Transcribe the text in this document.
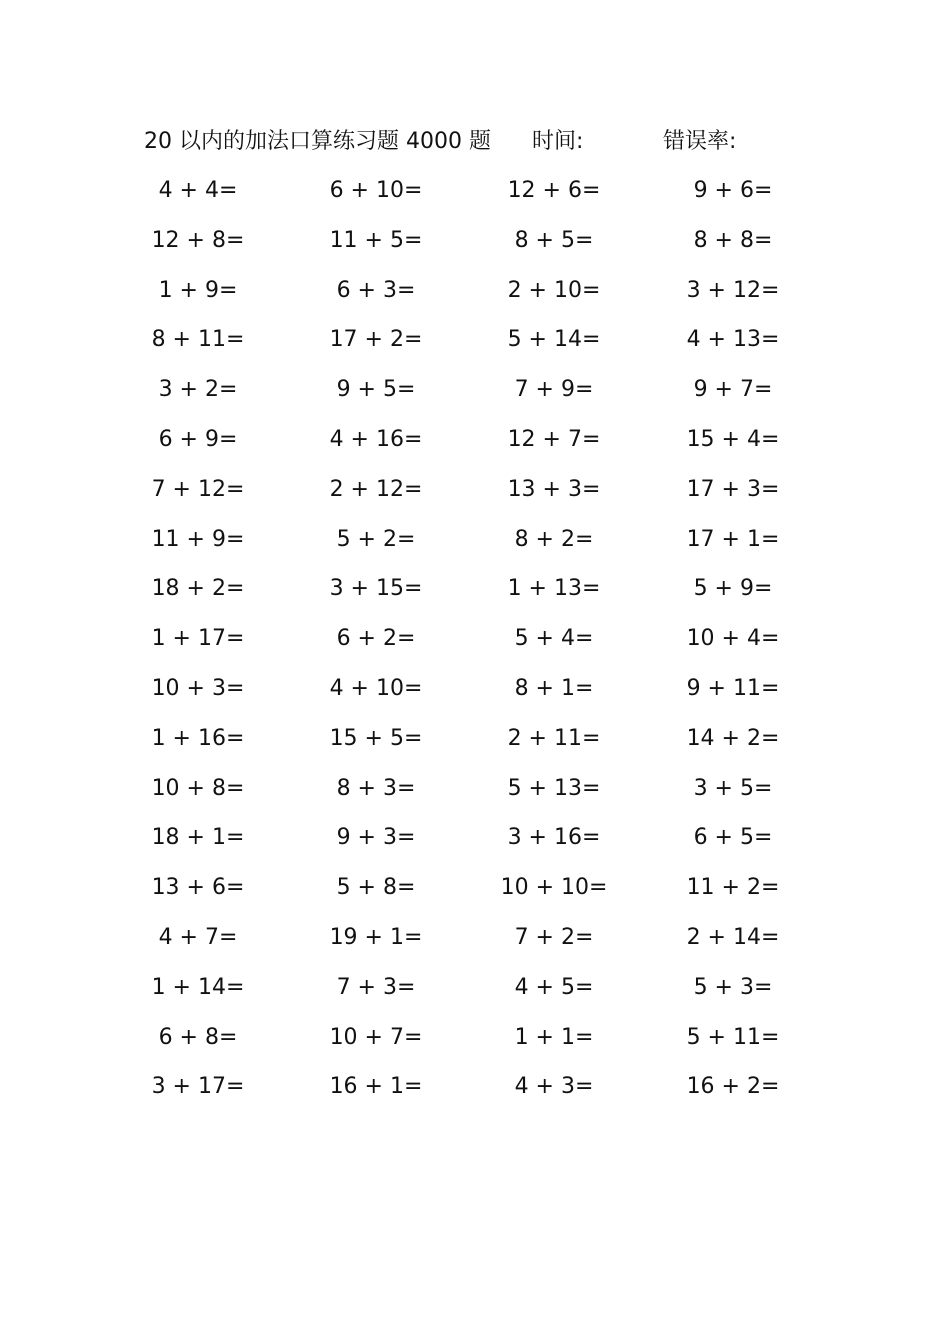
20 以内的加法口算练习题 4000 题 时间:	错误率:
4 + 4=	6 + 10=	12 + 6=	9 + 6=
12 + 8=	11 + 5=	8 + 5=	8 + 8=
1 + 9=	6 + 3=	2 + 10=	3 + 12=
8 + 11=	17 + 2=	5 + 14=	4 + 13=
3 + 2=	9 + 5=	7 + 9=	9 + 7=
6 + 9=	4 + 16=	12 + 7=	15 + 4=
7 + 12=	2 + 12=	13 + 3=	17 + 3=
11 + 9=	5 + 2=	8 + 2=	17 + 1=
18 + 2=	3 + 15=	1 + 13=	5 + 9=
1 + 17=	6 + 2=	5 + 4=	10 + 4=
10 + 3=	4 + 10=	8 + 1=	9 + 11=
1 + 16=	15 + 5=	2 + 11=	14 + 2=
10 + 8=	8 + 3=	5 + 13=	3 + 5=
18 + 1=	9 + 3=	3 + 16=	6 + 5=
13 + 6=	5 + 8=	10 + 10=	11 + 2=
4 + 7=	19 + 1=	7 + 2=	2 + 14=
1 + 14=	7 + 3=	4 + 5=	5 + 3=
6 + 8=	10 + 7=	1 + 1=	5 + 11=
3 + 17=	16 + 1=	4 + 3=	16 + 2=
